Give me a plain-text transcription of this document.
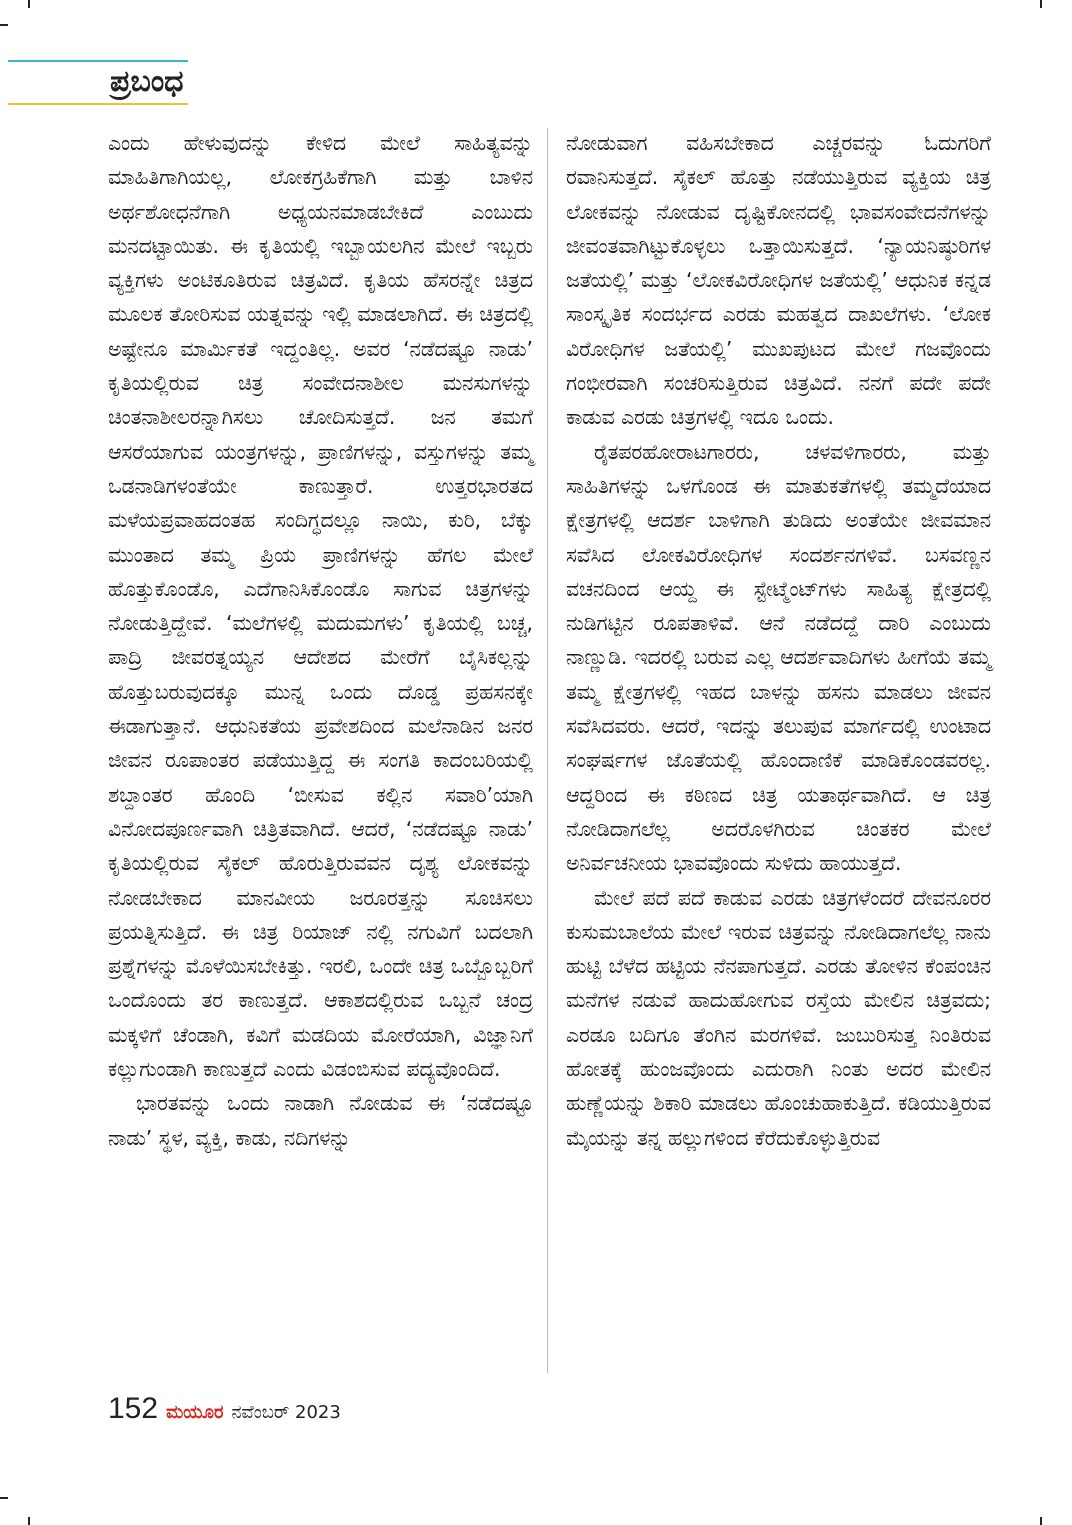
ಪ್ರಬಂಧ

ಎಂದು ಹೇಳುವುದನ್ನು ಕೇಳಿದ ಮೇಲೆ ಸಾಹಿತ್ಯವನ್ನು ಮಾಹಿತಿಗಾಗಿಯಲ್ಲ, ಲೋಕಗ್ರಹಿಕೆಗಾಗಿ ಮತ್ತು ಬಾಳಿನ ಅರ್ಥಶೋಧನೆಗಾಗಿ ಅಧ್ಯಯನಮಾಡಬೇಕಿದೆ ಎಂಬುದು ಮನದಟ್ಟಾಯಿತು. ಈ ಕೃತಿಯಲ್ಲಿ ಇಬ್ಬಾಯಲಗಿನ ಮೇಲೆ ಇಬ್ಬರು ವ್ಯಕ್ತಿಗಳು ಅಂಟಿಕೂತಿರುವ ಚಿತ್ರವಿದೆ. ಕೃತಿಯ ಹೆಸರನ್ನೇ ಚಿತ್ರದ ಮೂಲಕ ತೋರಿಸುವ ಯತ್ನವನ್ನು ಇಲ್ಲಿ ಮಾಡಲಾಗಿದೆ. ಈ ಚಿತ್ರದಲ್ಲಿ ಅಷ್ಟೇನೂ ಮಾರ್ಮಿಕತೆ ಇದ್ದಂತಿಲ್ಲ. ಅವರ ‘ನಡೆದಷ್ಟೂ ನಾಡು’ ಕೃತಿಯಲ್ಲಿರುವ ಚಿತ್ರ ಸಂವೇದನಾಶೀಲ ಮನಸುಗಳನ್ನು ಚಿಂತನಾಶೀಲರನ್ನಾಗಿಸಲು ಚೋದಿಸುತ್ತದೆ. ಜನ ತಮಗೆ ಆಸರೆಯಾಗುವ ಯಂತ್ರಗಳನ್ನು, ಪ್ರಾಣಿಗಳನ್ನು, ವಸ್ತುಗಳನ್ನು ತಮ್ಮ ಒಡನಾಡಿಗಳಂತೆಯೇ ಕಾಣುತ್ತಾರೆ. ಉತ್ತರಭಾರತದ ಮಳೆಯಪ್ರವಾಹದಂತಹ ಸಂದಿಗ್ಧದಲ್ಲೂ ನಾಯಿ, ಕುರಿ, ಬೆಕ್ಕು ಮುಂತಾದ ತಮ್ಮ ಪ್ರಿಯ ಪ್ರಾಣಿಗಳನ್ನು ಹೆಗಲ ಮೇಲೆ ಹೊತ್ತುಕೊಂಡೊ, ಎದೆಗಾನಿಸಿಕೊಂಡೊ ಸಾಗುವ ಚಿತ್ರಗಳನ್ನು ನೋಡುತ್ತಿದ್ದೇವೆ. ‘ಮಲೆಗಳಲ್ಲಿ ಮದುಮಗಳು’ ಕೃತಿಯಲ್ಲಿ ಬಚ್ಚ, ಪಾದ್ರಿ ಜೀವರತ್ನಯ್ಯನ ಆದೇಶದ ಮೇರೆಗೆ ಬೈಸಿಕಲ್ಲನ್ನು ಹೊತ್ತುಬರುವುದಕ್ಕೂ ಮುನ್ನ ಒಂದು ದೊಡ್ಡ ಪ್ರಹಸನಕ್ಕೇ ಈಡಾಗುತ್ತಾನೆ. ಆಧುನಿಕತೆಯ ಪ್ರವೇಶದಿಂದ ಮಲೆನಾಡಿನ ಜನರ ಜೀವನ ರೂಪಾಂತರ ಪಡೆಯುತ್ತಿದ್ದ ಈ ಸಂಗತಿ ಕಾದಂಬರಿಯಲ್ಲಿ ಶಬ್ದಾಂತರ ಹೊಂದಿ ‘ಬೀಸುವ ಕಲ್ಲಿನ ಸವಾರಿ’ಯಾಗಿ ವಿನೋದಪೂರ್ಣವಾಗಿ ಚಿತ್ರಿತವಾಗಿದೆ. ಆದರೆ, ‘ನಡೆದಷ್ಟೂ ನಾಡು’ ಕೃತಿಯಲ್ಲಿರುವ ಸೈಕಲ್ ಹೊರುತ್ತಿರುವವನ ದೃಶ್ಯ ಲೋಕವನ್ನು ನೋಡಬೇಕಾದ ಮಾನವೀಯ ಜರೂರತ್ತನ್ನು ಸೂಚಿಸಲು ಪ್ರಯತ್ನಿಸುತ್ತಿದೆ. ಈ ಚಿತ್ರ ರಿಯಾಜ್ ನಲ್ಲಿ ನಗುವಿಗೆ ಬದಲಾಗಿ ಪ್ರಶ್ನೆಗಳನ್ನು ಮೊಳೆಯಿಸಬೇಕಿತ್ತು. ಇರಲಿ, ಒಂದೇ ಚಿತ್ರ ಒಬ್ಬೊಬ್ಬರಿಗೆ ಒಂದೊಂದು ತರ ಕಾಣುತ್ತದೆ. ಆಕಾಶದಲ್ಲಿರುವ ಒಬ್ಬನೆ ಚಂದ್ರ ಮಕ್ಕಳಿಗೆ ಚೆಂಡಾಗಿ, ಕವಿಗೆ ಮಡದಿಯ ಮೋರೆಯಾಗಿ, ವಿಜ್ಞಾನಿಗೆ ಕಲ್ಲುಗುಂಡಾಗಿ ಕಾಣುತ್ತದೆ ಎಂದು ವಿಡಂಬಿಸುವ ಪದ್ಯವೊಂದಿದೆ.

ಭಾರತವನ್ನು ಒಂದು ನಾಡಾಗಿ ನೋಡುವ ಈ ‘ನಡೆದಷ್ಟೂ ನಾಡು’ ಸ್ಥಳ, ವ್ಯಕ್ತಿ, ಕಾಡು, ನದಿಗಳನ್ನು

ನೋಡುವಾಗ ವಹಿಸಬೇಕಾದ ಎಚ್ಚರವನ್ನು ಓದುಗರಿಗೆ ರವಾನಿಸುತ್ತದೆ. ಸೈಕಲ್ ಹೊತ್ತು ನಡೆಯುತ್ತಿರುವ ವ್ಯಕ್ತಿಯ ಚಿತ್ರ ಲೋಕವನ್ನು ನೋಡುವ ದೃಷ್ಟಿಕೋನದಲ್ಲಿ ಭಾವಸಂವೇದನೆಗಳನ್ನು ಜೀವಂತವಾಗಿಟ್ಟುಕೊಳ್ಳಲು ಒತ್ತಾಯಿಸುತ್ತದೆ. ‘ನ್ಯಾಯನಿಷ್ಠುರಿಗಳ ಜತೆಯಲ್ಲಿ’ ಮತ್ತು ‘ಲೋಕವಿರೋಧಿಗಳ ಜತೆಯಲ್ಲಿ’ ಆಧುನಿಕ ಕನ್ನಡ ಸಾಂಸ್ಕೃತಿಕ ಸಂದರ್ಭದ ಎರಡು ಮಹತ್ವದ ದಾಖಲೆಗಳು. ‘ಲೋಕ ವಿರೋಧಿಗಳ ಜತೆಯಲ್ಲಿ’ ಮುಖಪುಟದ ಮೇಲೆ ಗಜವೊಂದು ಗಂಭೀರವಾಗಿ ಸಂಚರಿಸುತ್ತಿರುವ ಚಿತ್ರವಿದೆ. ನನಗೆ ಪದೇ ಪದೇ ಕಾಡುವ ಎರಡು ಚಿತ್ರಗಳಲ್ಲಿ ಇದೂ ಒಂದು.

ರೈತಪರಹೋರಾಟಗಾರರು, ಚಳವಳಿಗಾರರು, ಮತ್ತು ಸಾಹಿತಿಗಳನ್ನು ಒಳಗೊಂಡ ಈ ಮಾತುಕತೆಗಳಲ್ಲಿ ತಮ್ಮದೆಯಾದ ಕ್ಷೇತ್ರಗಳಲ್ಲಿ ಆದರ್ಶ ಬಾಳಿಗಾಗಿ ತುಡಿದು ಅಂತೆಯೇ ಜೀವಮಾನ ಸವೆಸಿದ ಲೋಕವಿರೋಧಿಗಳ ಸಂದರ್ಶನಗಳಿವೆ. ಬಸವಣ್ಣನ ವಚನದಿಂದ ಆಯ್ದ ಈ ಸ್ಟೇಟ್ಮೆಂಟ್‌ಗಳು ಸಾಹಿತ್ಯ ಕ್ಷೇತ್ರದಲ್ಲಿ ನುಡಿಗಟ್ಟಿನ ರೂಪತಾಳಿವೆ. ಆನೆ ನಡೆದದ್ದೆ ದಾರಿ ಎಂಬುದು ನಾಣ್ಣುಡಿ. ಇದರಲ್ಲಿ ಬರುವ ಎಲ್ಲ ಆದರ್ಶವಾದಿಗಳು ಹೀಗೆಯೆ ತಮ್ಮ ತಮ್ಮ ಕ್ಷೇತ್ರಗಳಲ್ಲಿ ಇಹದ ಬಾಳನ್ನು ಹಸನು ಮಾಡಲು ಜೀವನ ಸವೆಸಿದವರು. ಆದರೆ, ಇದನ್ನು ತಲುಪುವ ಮಾರ್ಗದಲ್ಲಿ ಉಂಟಾದ ಸಂಘರ್ಷಗಳ ಜೊತೆಯಲ್ಲಿ ಹೊಂದಾಣಿಕೆ ಮಾಡಿಕೊಂಡವರಲ್ಲ. ಆದ್ದರಿಂದ ಈ ಕಠಿಣದ ಚಿತ್ರ ಯತಾರ್ಥವಾಗಿದೆ. ಆ ಚಿತ್ರ ನೋಡಿದಾಗಲೆಲ್ಲ ಅದರೊಳಗಿರುವ ಚಿಂತಕರ ಮೇಲೆ ಅನಿರ್ವಚನೀಯ ಭಾವವೊಂದು ಸುಳಿದು ಹಾಯುತ್ತದೆ.

ಮೇಲೆ ಪದೆ ಪದೆ ಕಾಡುವ ಎರಡು ಚಿತ್ರಗಳೆಂದರೆ ದೇವನೂರರ ಕುಸುಮಬಾಲೆಯ ಮೇಲೆ ಇರುವ ಚಿತ್ರವನ್ನು ನೋಡಿದಾಗಲೆಲ್ಲ ನಾನು ಹುಟ್ಟಿ ಬೆಳೆದ ಹಟ್ಟಿಯ ನೆನಪಾಗುತ್ತದೆ. ಎರಡು ತೋಳಿನ ಕೆಂಪಂಚಿನ ಮನೆಗಳ ನಡುವೆ ಹಾದುಹೋಗುವ ರಸ್ತೆಯ ಮೇಲಿನ ಚಿತ್ರವದು; ಎರಡೂ ಬದಿಗೂ ತೆಂಗಿನ ಮರಗಳಿವೆ. ಜುಬುರಿಸುತ್ತ ನಿಂತಿರುವ ಹೋತಕ್ಕೆ ಹುಂಜವೊಂದು ಎದುರಾಗಿ ನಿಂತು ಅದರ ಮೇಲಿನ ಹುಣ್ಣೆಯನ್ನು ಶಿಕಾರಿ ಮಾಡಲು ಹೊಂಚುಹಾಕುತ್ತಿದೆ. ಕಡಿಯುತ್ತಿರುವ ಮೈಯನ್ನು ತನ್ನ ಹಲ್ಲುಗಳಿಂದ ಕೆರೆದುಕೊಳ್ಳುತ್ತಿರುವ

152 ಮಯೂರ ನವೆಂಬರ್ 2023
